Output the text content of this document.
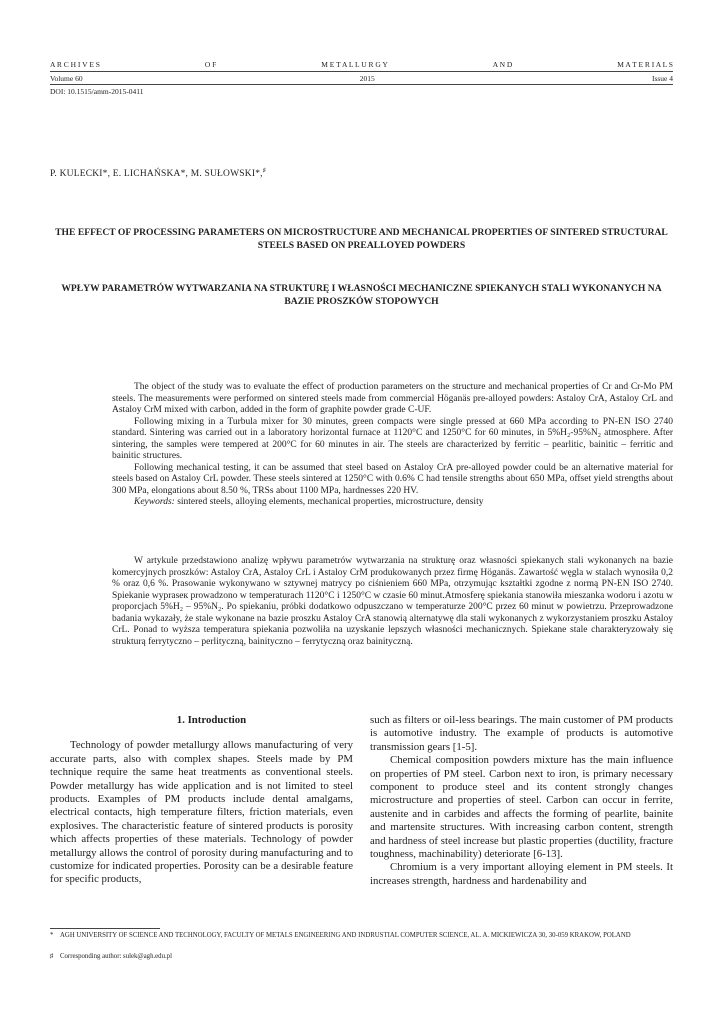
A R C H I V E S	O F	M E T A L L U R G Y	A N D	M A T E R I A L S
Volume 60	2015	Issue 4
DOI: 10.1515/amm-2015-0411
P. KULECKI*, E. LICHAŃSKA*, M. SUŁOWSKI*,♯
THE EFFECT OF PROCESSING PARAMETERS ON MICROSTRUCTURE AND MECHANICAL PROPERTIES OF SINTERED STRUCTURAL STEELS BASED ON PREALLOYED POWDERS
WPŁYW PARAMETRÓW WYTWARZANIA NA STRUKTURĘ I WŁASNOŚCI MECHANICZNE SPIEKANYCH STALI WYKONANYCH NA BAZIE PROSZKÓW STOPOWYCH

The object of the study was to evaluate the effect of production parameters on the structure and mechanical properties of Cr and Cr-Mo PM steels. The measurements were performed on sintered steels made from commercial Höganäs pre-alloyed powders: Astaloy CrA, Astaloy CrL and Astaloy CrM mixed with carbon, added in the form of graphite powder grade C-UF.

Following mixing in a Turbula mixer for 30 minutes, green compacts were single pressed at 660 MPa according to PN-EN ISO 2740 standard. Sintering was carried out in a laboratory horizontal furnace at 1120°C and 1250°C for 60 minutes, in 5%H₂-95%N₂ atmosphere. After sintering, the samples were tempered at 200°C for 60 minutes in air. The steels are characterized by ferritic – pearlitic, bainitic – ferritic and bainitic structures.

Following mechanical testing, it can be assumed that steel based on Astaloy CrA pre-alloyed powder could be an alternative material for steels based on Astaloy CrL powder. These steels sintered at 1250°C with 0.6% C had tensile strengths about 650 MPa, offset yield strengths about 300 MPa, elongations about 8.50 %, TRSs about 1100 MPa, hardnesses 220 HV.

Keywords: sintered steels, alloying elements, mechanical properties, microstructure, density

W artykule przedstawiono analizę wpływu parametrów wytwarzania na strukturę oraz własności spiekanych stali wykonanych na bazie komercyjnych proszków: Astaloy CrA, Astaloy CrL i Astaloy CrM produkowanych przez firmę Höganäs. Zawartość węgla w stalach wynosiła 0,2 % oraz 0,6 %. Prasowanie wykonywano w sztywnej matrycy po ciśnieniem 660 MPa, otrzymując kształtki zgodne z normą PN-EN ISO 2740. Spiekanie wypraseк prowadzono w temperaturach 1120°C i 1250°C w czasie 60 minut.Atmosferę spiekania stanowiła mieszanka wodoru i azotu w proporcjach 5%H₂ – 95%N₂. Po spiekaniu, próbki dodatkowo odpuszczano w temperaturze 200°C przez 60 minut w powietrzu. Przeprowadzone badania wykazały, że stale wykonane na bazie proszku Astaloy CrA stanowią alternatywę dla stali wykonanych z wykorzystaniem proszku Astaloy CrL. Ponad to wyższa temperatura spiekania pozwoliła na uzyskanie lepszych własności mechanicznych. Spiekane stale charakteryzowały się strukturą ferrytyczno – perlityczną, bainityczno – ferrytyczną oraz bainityczną.

1. Introduction

Technology of powder metallurgy allows manufacturing of very accurate parts, also with complex shapes. Steels made by PM technique require the same heat treatments as conventional steels. Powder metallurgy has wide application and is not limited to steel products. Examples of PM products include dental amalgams, electrical contacts, high temperature filters, friction materials, even explosives. The characteristic feature of sintered products is porosity which affects properties of these materials. Technology of powder metallurgy allows the control of porosity during manufacturing and to customize for indicated properties. Porosity can be a desirable feature for specific products,

such as filters or oil-less bearings. The main customer of PM products is automotive industry. The example of products is automotive transmission gears [1-5].

Chemical composition powders mixture has the main influence on properties of PM steel. Carbon next to iron, is primary necessary component to produce steel and its content strongly changes microstructure and properties of steel. Carbon can occur in ferrite, austenite and in carbides and affects the forming of pearlite, bainite and martensite structures. With increasing carbon content, strength and hardness of steel increase but plastic properties (ductility, fracture toughness, machinability) deteriorate [6-13].

Chromium is a very important alloying element in PM steels. It increases strength, hardness and hardenability and

* AGH UNIVERSITY OF SCIENCE AND TECHNOLOGY, FACULTY OF METALS ENGINEERING AND INDRUSTIAL COMPUTER SCIENCE, AL. A. MICKIEWICZA 30, 30-059 KRAKOW, POLAND
♯ Corresponding author: sulek@agh.edu.pl
